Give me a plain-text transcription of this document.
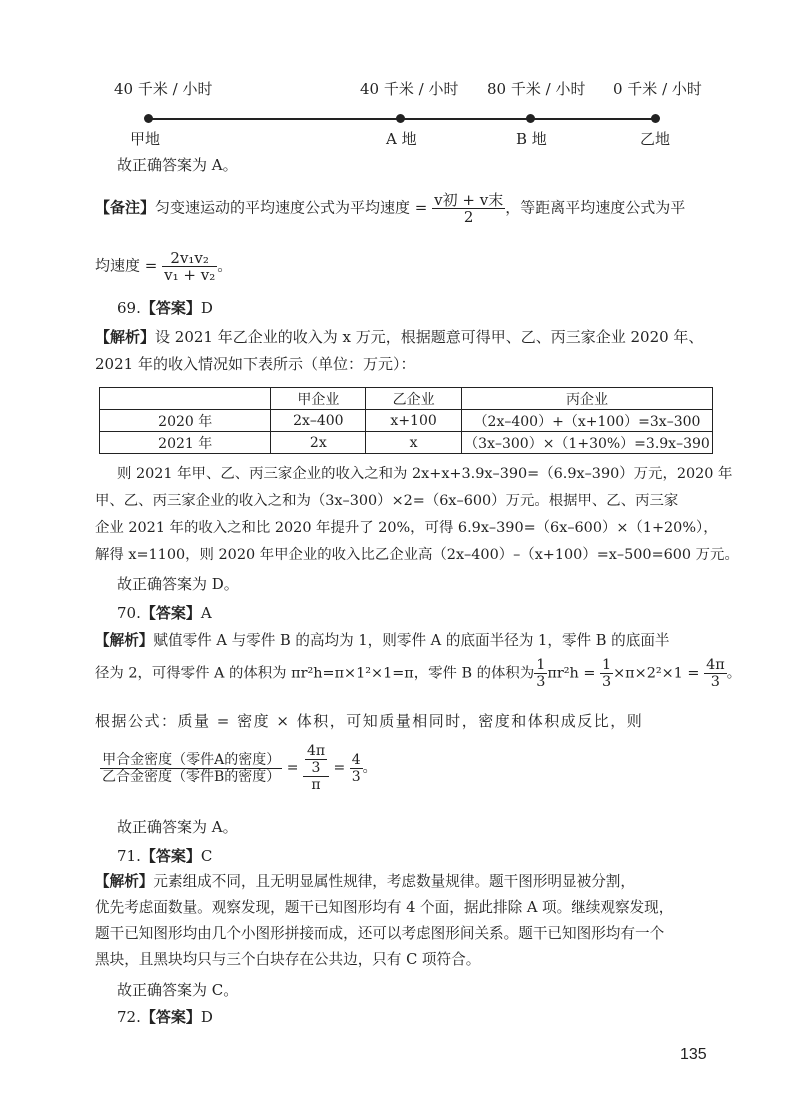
40 千米 / 小时	40 千米 / 小时 80 千米 / 小时 0 千米 / 小时
甲地	A 地	B 地	乙地
故正确答案为 A。
【备注】匀变速运动的平均速度公式为平均速度 = $\frac{\text{v初 + v末}}{2}$ ，等距离平均速度公式为平
均速度 = $\frac{\text{2v₁v₂}}{\text{v₁ + v₂}}$ 。
69.【答案】D
【解析】设 2021 年乙企业的收入为 x 万元，根据题意可得甲、乙、丙三家企业 2020 年、
2021 年的收入情况如下表所示（单位：万元）：
	甲企业	乙企业	丙企业
2020 年	2x–400	x+100	（2x–400）+（x+100）=3x–300
2021 年	2x	x	（3x–300）×（1+30%）=3.9x–390
则 2021 年甲、乙、丙三家企业的收入之和为 2x+x+3.9x–390=（6.9x–390）万元，2020 年
甲、乙、丙三家企业的收入之和为（3x–300）×2=（6x–600）万元。根据甲、乙、丙三家
企业 2021 年的收入之和比 2020 年提升了 20%，可得 6.9x–390=（6x–600）×（1+20%），
解得 x=1100，则 2020 年甲企业的收入比乙企业高（2x–400）–（x+100）=x–500=600 万元。
故正确答案为 D。
70.【答案】A
【解析】赋值零件 A 与零件 B 的高均为 1，则零件 A 的底面半径为 1，零件 B 的底面半
径为 2，可得零件 A 的体积为 πr²h=π×1²×1=π，零件 B 的体积为 $\frac{1}{3} \pi r^2h = \frac{1}{3} \times\pi\times 2^2\times 1 = \frac{4\pi}{3}$ 。
根据公式：质量 = 密度 × 体积，可知质量相同时，密度和体积成反比，则
$\frac{\text{甲合金密度（零件A的密度）}}{\text{乙合金密度（零件B的密度）}} = \frac{\frac{4\pi}{3}}{\pi} = \frac{4}{3}$ 。
故正确答案为 A。
71.【答案】C
【解析】元素组成不同，且无明显属性规律，考虑数量规律。题干图形明显被分割，
优先考虑面数量。观察发现，题干已知图形均有 4 个面，据此排除 A 项。继续观察发现，
题干已知图形均由几个小图形拼接而成，还可以考虑图形间关系。题干已知图形均有一个
黑块，且黑块均只与三个白块存在公共边，只有 C 项符合。
故正确答案为 C。
72.【答案】D
135
